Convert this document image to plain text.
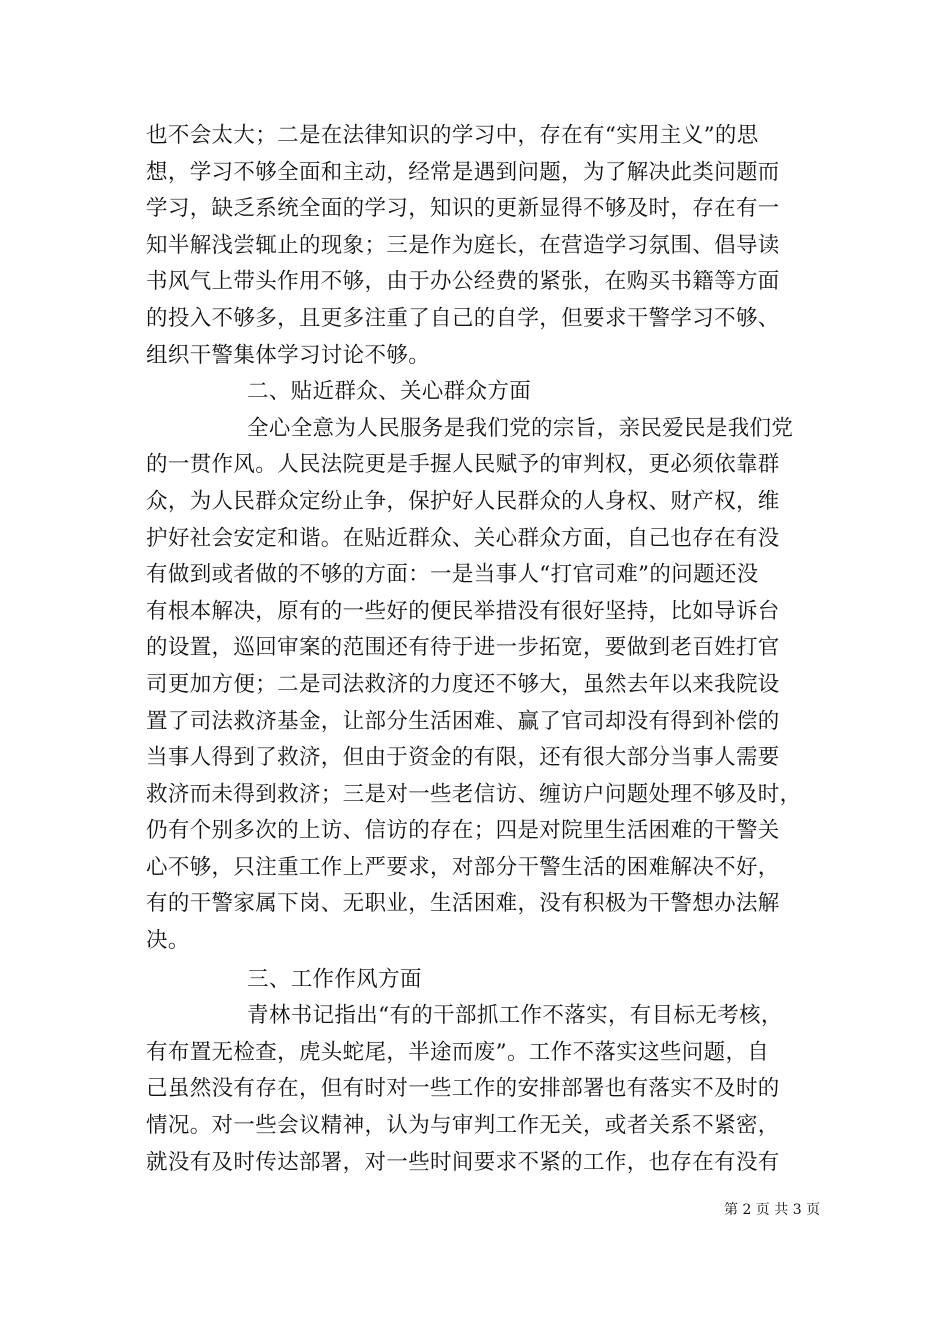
也不会太大；二是在法律知识的学习中，存在有“实用主义”的思
想，学习不够全面和主动，经常是遇到问题，为了解决此类问题而
学习，缺乏系统全面的学习，知识的更新显得不够及时，存在有一
知半解浅尝辄止的现象；三是作为庭长，在营造学习氛围、倡导读
书风气上带头作用不够，由于办公经费的紧张，在购买书籍等方面
的投入不够多，且更多注重了自己的自学，但要求干警学习不够、
组织干警集体学习讨论不够。
二、贴近群众、关心群众方面
全心全意为人民服务是我们党的宗旨，亲民爱民是我们党
的一贯作风。人民法院更是手握人民赋予的审判权，更必须依靠群
众，为人民群众定纷止争，保护好人民群众的人身权、财产权，维
护好社会安定和谐。在贴近群众、关心群众方面，自己也存在有没
有做到或者做的不够的方面：一是当事人“打官司难”的问题还没
有根本解决，原有的一些好的便民举措没有很好坚持，比如导诉台
的设置，巡回审案的范围还有待于进一步拓宽，要做到老百姓打官
司更加方便；二是司法救济的力度还不够大，虽然去年以来我院设
置了司法救济基金，让部分生活困难、赢了官司却没有得到补偿的
当事人得到了救济，但由于资金的有限，还有很大部分当事人需要
救济而未得到救济；三是对一些老信访、缠访户问题处理不够及时，
仍有个别多次的上访、信访的存在；四是对院里生活困难的干警关
心不够，只注重工作上严要求，对部分干警生活的困难解决不好，
有的干警家属下岗、无职业，生活困难，没有积极为干警想办法解
决。
三、工作作风方面
青林书记指出“有的干部抓工作不落实，有目标无考核，
有布置无检查，虎头蛇尾，半途而废”。工作不落实这些问题，自
己虽然没有存在，但有时对一些工作的安排部署也有落实不及时的
情况。对一些会议精神，认为与审判工作无关，或者关系不紧密，
就没有及时传达部署，对一些时间要求不紧的工作，也存在有没有
第 2 页 共 3 页
